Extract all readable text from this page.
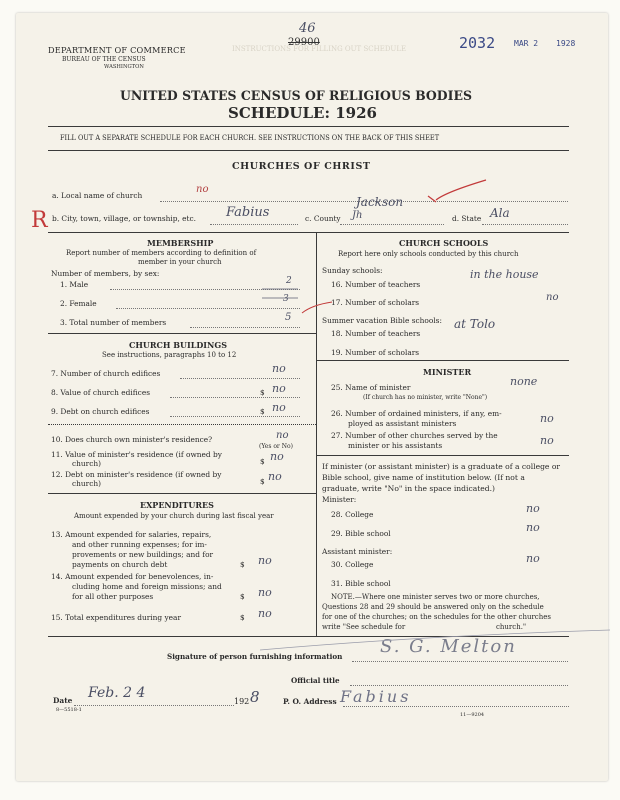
DEPARTMENT OF COMMERCE
BUREAU OF THE CENSUS
WASHINGTON
46
29900
INSTRUCTIONS FOR FILLING OUT SCHEDULE	2032 MAR 2 1928
UNITED STATES CENSUS OF RELIGIOUS BODIES
SCHEDULE: 1926
FILL OUT A SEPARATE SCHEDULE FOR EACH CHURCH. SEE INSTRUCTIONS ON THE BACK OF THIS SHEET
CHURCHES OF CHRIST
R
a. Local name of church
no
b. City, town, village, or township, etc. Fabius	c. County
Jackson
Jh	d. State Ala
MEMBERSHIP
Report number of members according to definition of
member in your church
Number of members, by sex:
1. Male	2
2. Female	3
3. Total number of members	5
CHURCH BUILDINGS
See instructions, paragraphs 10 to 12
7. Number of church edifices	no
8. Value of church edifices	$ no
9. Debt on church edifices	$ no
10. Does church own minister's residence?	no
(Yes or No)
11. Value of minister's residence (if owned by
church)	$ no
12. Debt on minister's residence (if owned by
church)	$ no
EXPENDITURES
Amount expended by your church during last fiscal year
13. Amount expended for salaries, repairs,
and other running expenses; for im-
provements or new buildings; and for
payments on church debt	$ no
14. Amount expended for benevolences, in-
cluding home and foreign missions; and
for all other purposes	$ no
15. Total expenditures during year	$ no
CHURCH SCHOOLS
Report here only schools conducted by this church
Sunday schools:
16. Number of teachers
in the house
17. Number of scholars	no
Summer vacation Bible schools:
18. Number of teachers
at Tolo
19. Number of scholars
MINISTER
25. Name of minister	none
(If church has no minister, write "None")
26. Number of ordained ministers, if any, em-
ployed as assistant ministers	no
27. Number of other churches served by the
minister or his assistants	no
If minister (or assistant minister) is a graduate of a college or
Bible school, give name of institution below. (If not a
graduate, write "No" in the space indicated.)
Minister:
28. College	no
29. Bible school	no
Assistant minister:
30. College	no
31. Bible school
NOTE.—Where one minister serves two or more churches,
Questions 28 and 29 should be answered only on the schedule
for one of the churches; on the schedules for the other churches
write "See schedule for	church."
Signature of person furnishing information S. G. Melton
Official title
Date Feb. 2 4
192 8	P. O. Address Fabius
8—5518-1
11—9204
